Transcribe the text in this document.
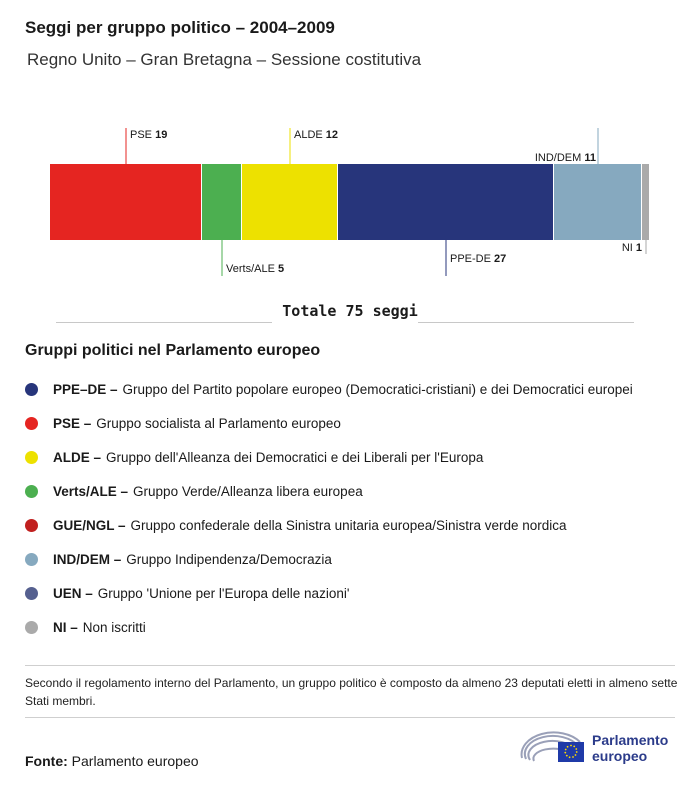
Seggi per gruppo politico – 2004–2009
Regno Unito – Gran Bretagna – Sessione costitutiva
PSE 19
Verts/ALE 5
ALDE 12
PPE-DE 27
IND/DEM 11
NI 1
Totale 75 seggi
Gruppi politici nel Parlamento europeo
PPE–DE – Gruppo del Partito popolare europeo (Democratici-cristiani) e dei Democratici europei
PSE – Gruppo socialista al Parlamento europeo
ALDE – Gruppo dell'Alleanza dei Democratici e dei Liberali per l'Europa
Verts/ALE – Gruppo Verde/Alleanza libera europea
GUE/NGL – Gruppo confederale della Sinistra unitaria europea/Sinistra verde nordica
IND/DEM – Gruppo Indipendenza/Democrazia
UEN – Gruppo 'Unione per l'Europa delle nazioni'
NI – Non iscritti
Secondo il regolamento interno del Parlamento, un gruppo politico è composto da almeno 23 deputati eletti in almeno sette Stati membri.
Fonte: Parlamento europeo
Parlamento
europeo
